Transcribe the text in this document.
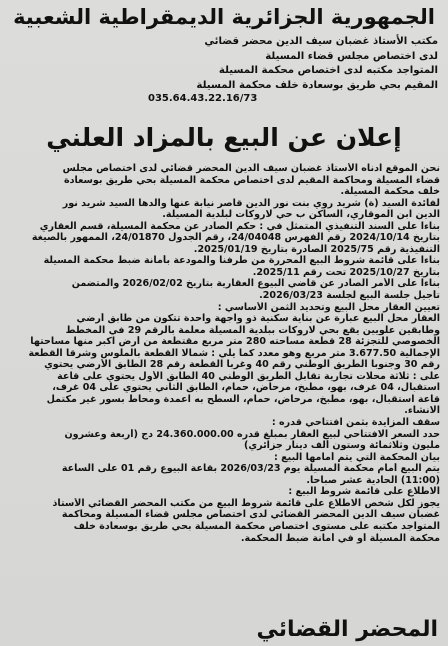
الجمهورية الجزائرية الديمقراطية الشعبية
مكتب الأستاذ غضبان سيف الدين محضر قضائي
لدى اختصاص مجلس قضاء المسيلة
المتواجد مكتبه لدى اختصاص محكمة المسيلة
المقيم بحي طريق بوسعادة خلف محكمة المسيلة
035.64.43.22.16/73
إعلان عن البيع بالمزاد العلني
نحن الموقع ادناه الأستاذ غضبان سيف الدين المحضر قضائي لدى اختصاص مجلس
قضاء المسيلة ومحاكمة المقيم لدى اختصاص محكمة المسيلة بحي طريق بوسعادة
خلف محكمة المسيلة.
لفائدة السيد (ة) شريد روي بنت نور الدين قاصر نيابة عنها والدها السيد شريد نور
الدين ابن الموقاري، الساكن ب حي لاروكات لبلدية المسيلة.
بناءا على السند التنفيذي المتمثل في : حكم الصادر عن محكمة المسيلة، قسم العقاري
بتاريخ 2024/10/14 رقم الفهرس 24/04048، رقم الجدول 24/01870، الممهور بالصيغة
التنفيذية رقم 2025/75 الصادرة بتاريخ 2025/01/19.
بناءا على قائمة شروط البيع المحررة من طرفنا والمودعة بأمانة ضبط محكمة المسيلة
بتاريخ 2025/10/27 تحت رقم 2025/11.
بناءا على الأمر الصادر عن قاضي البيوع العقارية بتاريخ 2026/02/02 والمتضمن
تأجيل جلسة البيع لجلسة 2026/03/23.
تعيين العقار محل البيع وتحديد الثمن الأساسي :
العقار محل البيع عبارة عن بناية سكنية ذو واجهة واحدة تتكون من طابق أرضي
وطابقين علويين يقع بحي لاروكات ببلدية المسيلة معلمة بالرقم 29 في المخطط
الخصوصي للتجزئة 28 قطعة مساحته 280 متر مربع مقتطعة من أرض اكبر منها مساحتها
الإجمالية 3.677.50 متر مربع وهو معدد كما يلي : شمالا القطعة بالملوس وشرقا القطعة
رقم 30 وجنوبا الطريق الوطني رقم 40 وغربا القطعة رقم 28 الطابق الأرضي يحتوي
على : ثلاثة محلات تجارية تقابل الطريق الوطني 40 الطابق الأول يحتوي على قاعة
استقبال، 04 غرف، بهو، مطبخ، مرحاض، حمام، الطابق الثاني يحتوي على 04 غرف،
قاعة استقبال، بهو، مطبخ، مرحاض، حمام، السطح به اعمدة ومحاط بسور غير مكتمل
الانشاء.
سقف المزايدة بثمن افتتاحي قدره :
حدد السعر الافتتاحي لبيع العقار بمبلغ قدره 24.360.000.00 دج (أربعة وعشرون
مليون وثلاثمائة وستون ألف دينار جزائري)
بيان المحكمة التي يتم أمامها البيع :
يتم البيع أمام محكمة المسيلة يوم 2026/03/23 بقاعة البيوع رقم 01 على الساعة
(11:00) الحادية عشر صباحا.
الاطلاع على قائمة شروط البيع :
يجوز لكل شخص الاطلاع على قائمة شروط البيع من مكتب المحضر القضائي الأستاذ
غضبان سيف الدين المحضر القضائي لدى اختصاص مجلس قضاء المسيلة ومحاكمة
المتواجد مكتبه على مستوى اختصاص محكمة المسيلة بحي طريق بوسعادة خلف
محكمة المسيلة أو في أمانة ضبط المحكمة.
المحضر القضائي
